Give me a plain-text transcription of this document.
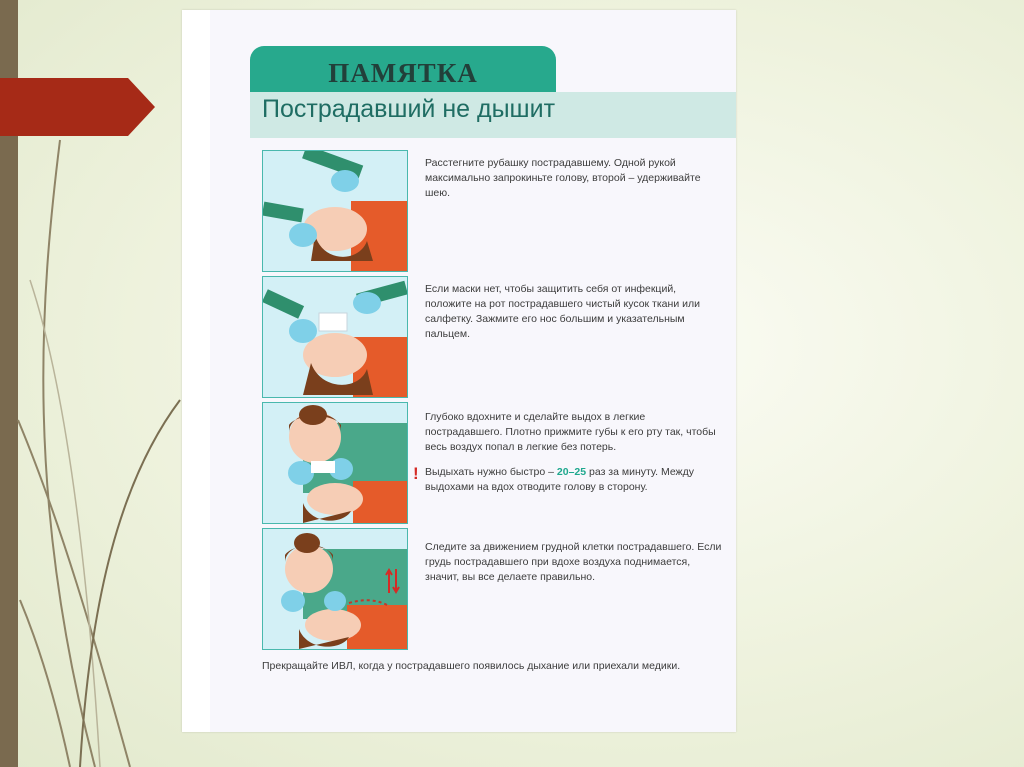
ПАМЯТКА
Пострадавший не дышит
Расстегните рубашку пострадавшему. Одной рукой максимально запрокиньте голову, второй – удерживайте шею.
Если маски нет, чтобы защитить себя от инфекций, положите на рот пострадавшего чистый кусок ткани или салфетку. Зажмите его нос большим и указательным пальцем.
Глубоко вдохните и сделайте выдох в легкие пострадавшего. Плотно прижмите губы к его рту так, чтобы весь воздух попал в легкие без потерь.
! Выдыхать нужно быстро – 20–25 раз за минуту. Между выдохами на вдох отводите голову в сторону.
Следите за движением грудной клетки пострадавшего. Если грудь пострадавшего при вдохе воздуха поднимается, значит, вы все делаете правильно.
Прекращайте ИВЛ, когда у пострадавшего появилось дыхание или приехали медики.
